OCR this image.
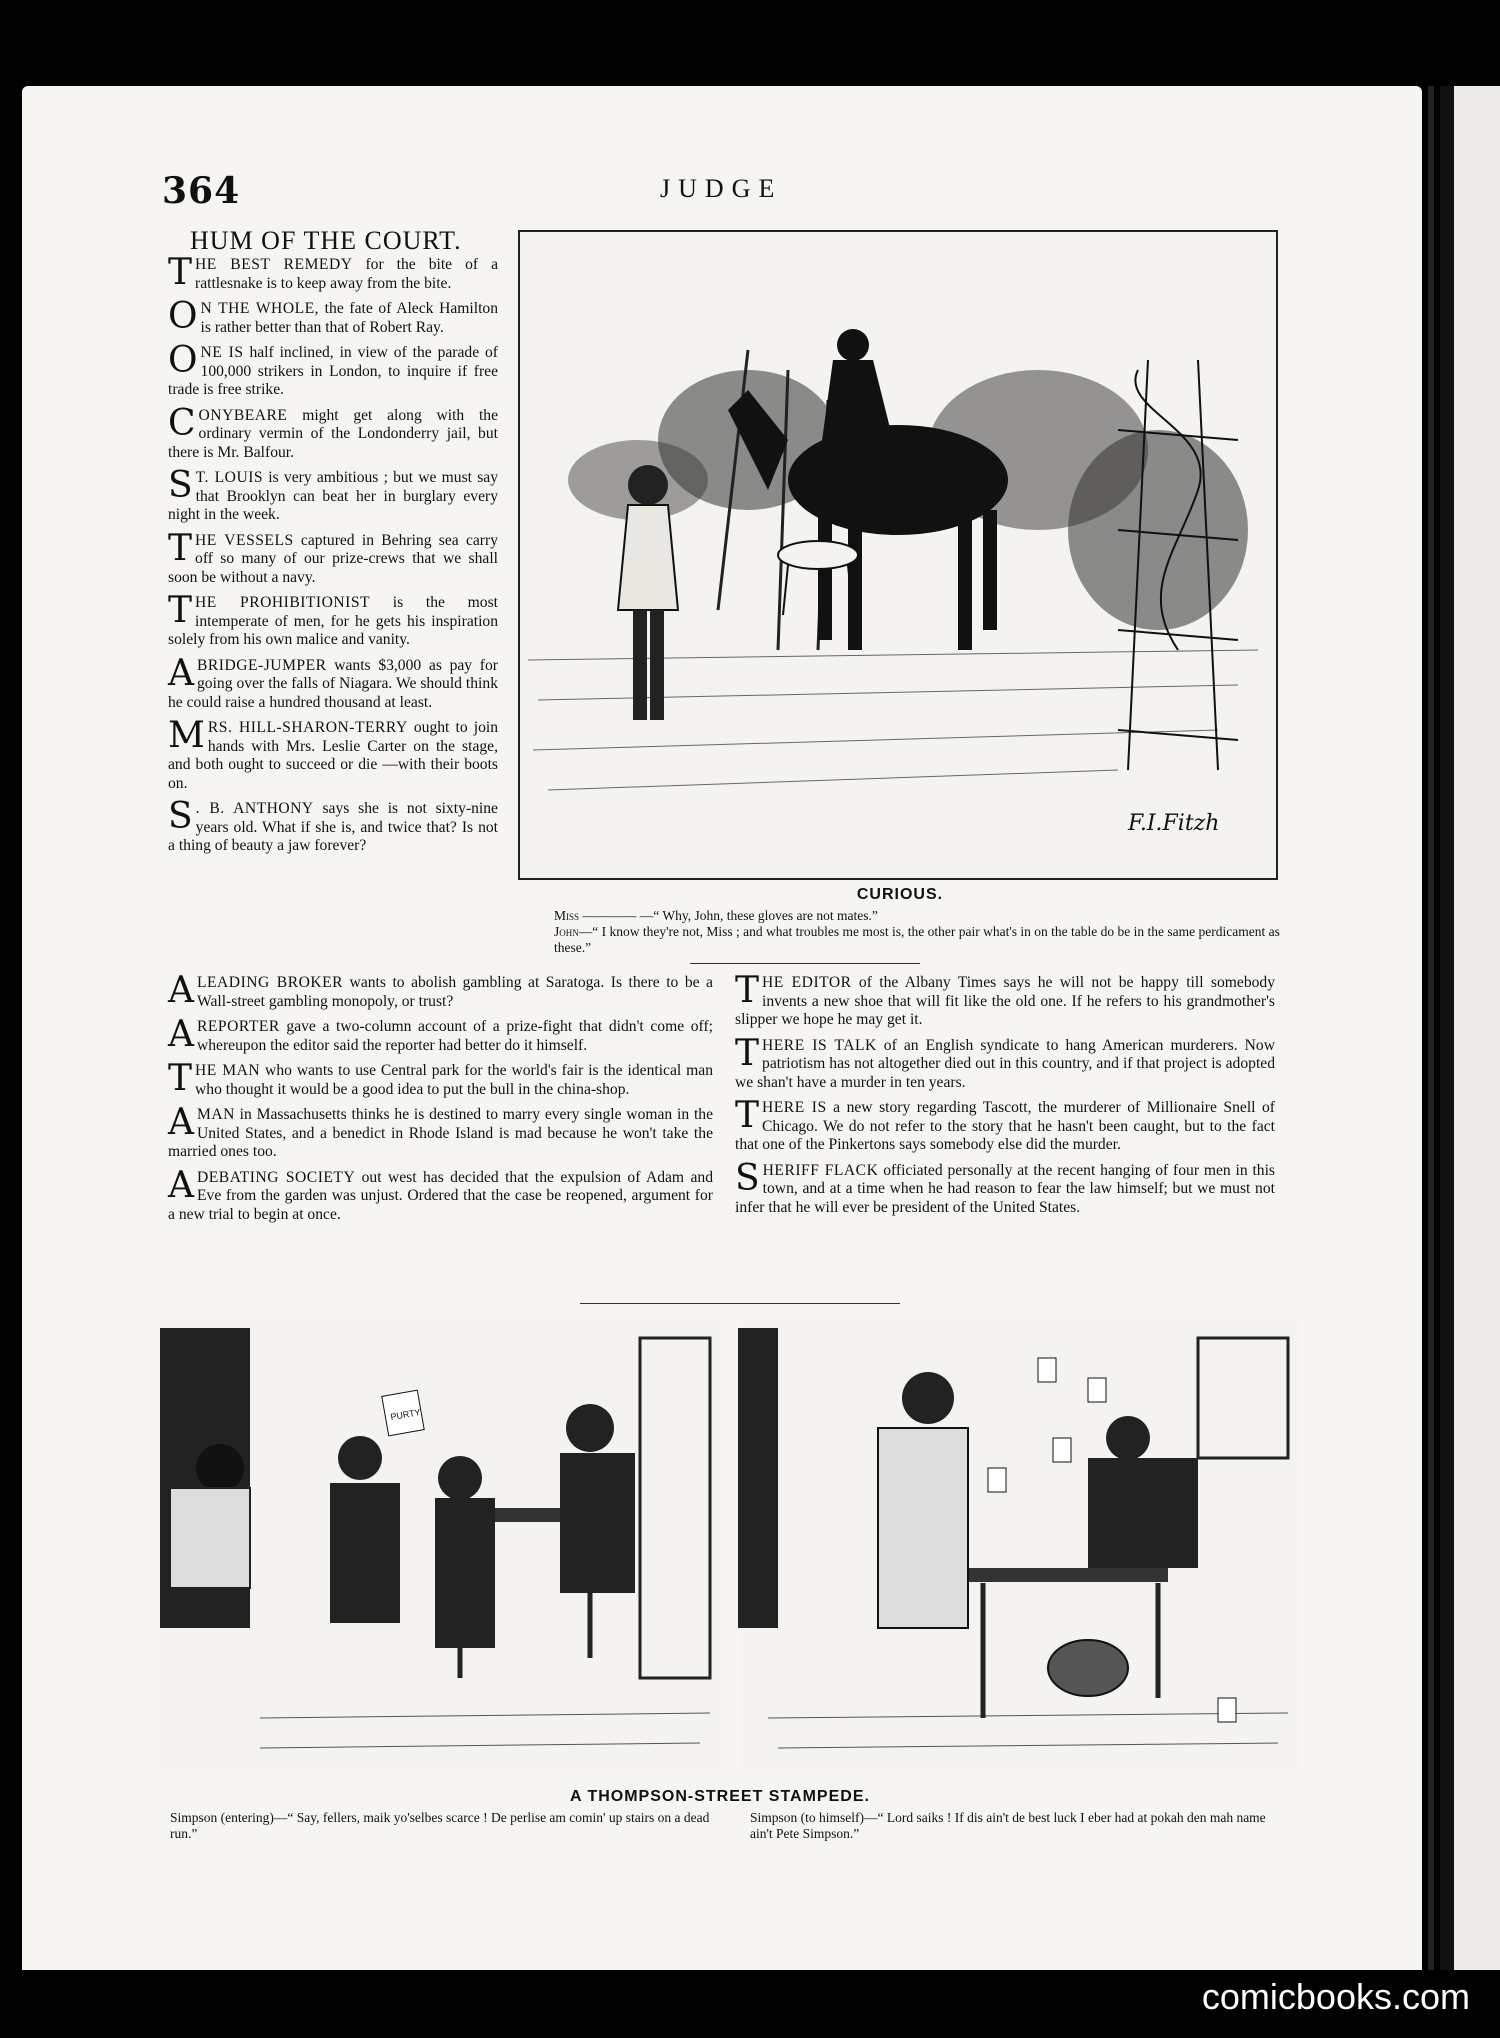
364	JUDGE
HUM OF THE COURT.

THE BEST REMEDY for the bite of a rattlesnake is to keep away from the bite.

O N THE WHOLE, the fate of Aleck Hamilton is rather better than that of Robert Ray.

ONE IS half inclined, in view of the parade of 100,000 strikers in London, to inquire if free trade is free strike.

CONYBEARE might get along with the ordinary vermin of the Londonderry jail, but there is Mr. Balfour.

S T. LOUIS is very ambitious ; but we must say that Brooklyn can beat her in burglary every night in the week.

THE VESSELS captured in Behring sea carry off so many of our prize-crews that we shall soon be without a navy.

THE PROHIBITIONIST is the most intemperate of men, for he gets his inspiration solely from his own malice and vanity.

A BRIDGE-JUMPER wants $3,000 as pay for going over the falls of Niagara. We should think he could raise a hundred thousand at least.

MRS. HILL-SHARON-TERRY ought to join hands with Mrs. Leslie Carter on the stage, and both ought to succeed or die —with their boots on.

S . B. ANTHONY says she is not sixty-nine years old. What if she is, and twice that? Is not a thing of beauty a jaw forever?

F.I.Fitzh
CURIOUS.
Miss ———— —“ Why, John, these gloves are not mates.”
John—“ I know they're not, Miss ; and what troubles me most is, the other pair what's in on the table do be in the same perdicament as these.”

A LEADING BROKER wants to abolish gambling at Saratoga. Is there to be a Wall-street gambling monopoly, or trust?

A REPORTER gave a two-column account of a prize-fight that didn't come off; whereupon the editor said the reporter had better do it himself.

THE MAN who wants to use Central park for the world's fair is the identical man who thought it would be a good idea to put the bull in the china-shop.

A MAN in Massachusetts thinks he is destined to marry every single woman in the United States, and a benedict in Rhode Island is mad because he won't take the married ones too.

A DEBATING SOCIETY out west has decided that the expulsion of Adam and Eve from the garden was unjust. Ordered that the case be reopened, argument for a new trial to begin at once.

THE EDITOR of the Albany Times says he will not be happy till somebody invents a new shoe that will fit like the old one. If he refers to his grandmother's slipper we hope he may get it.

THERE IS TALK of an English syndicate to hang American murderers. Now patriotism has not altogether died out in this country, and if that project is adopted we shan't have a murder in ten years.

THERE IS a new story regarding Tascott, the murderer of Millionaire Snell of Chicago. We do not refer to the story that he hasn't been caught, but to the fact that one of the Pinkertons says somebody else did the murder.

SHERIFF FLACK officiated personally at the recent hanging of four men in this town, and at a time when he had reason to fear the law himself; but we must not infer that he will ever be president of the United States.

PURTY
A THOMPSON-STREET STAMPEDE.
Simpson (entering)—“ Say, fellers, maik yo'selbes scarce ! De perlise am comin' up stairs on a dead run.”
Simpson (to himself)—“ Lord saiks ! If dis ain't de best luck I eber had at pokah den mah name ain't Pete Simpson.”
comicbooks.com
